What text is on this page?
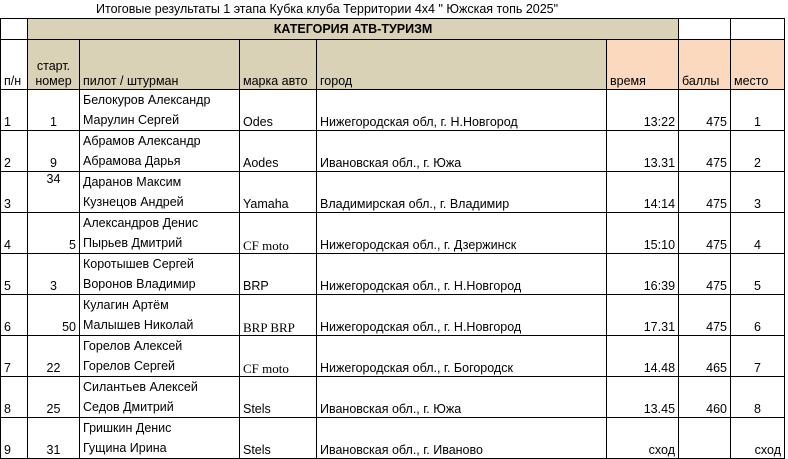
Итоговые результаты 1 этапа Кубка клуба Территории 4х4 " Южская топь 2025"
	КАТЕГОРИЯ АТВ-ТУРИЗМ						
п/н	старт.
номер	пилот / штурман	марка авто	город	время	баллы	место
1	1	Белокуров Александр
Марулин Сергей	Odes	Нижегородская обл, г. Н.Новгород	13:22	475	1
2	9	Абрамов Александр
Абрамова Дарья	Aodes	Ивановская обл., г. Южа	13.31	475	2
3	34	Даранов Максим
Кузнецов Андрей	Yamaha	Владимирская обл., г. Владимир	14:14	475	3
4	5	Александров Денис
Пырьев Дмитрий	CF moto	Нижегородская обл., г. Дзержинск	15:10	475	4
5	3	Коротышев Сергей
Воронов Владимир	BRP	Нижегородская обл., г. Н.Новгород	16:39	475	5
6	50	Кулагин Артём
Малышев Николай	BRP BRP	Нижегородская обл., г. Н.Новгород	17.31	475	6
7	22	Горелов Алексей
Горелов Сергей	CF moto	Нижегородская обл., г. Богородск	14.48	465	7
8	25	Силантьев Алексей
Седов Дмитрий	Stels	Ивановская обл., г. Южа	13.45	460	8
9	31	Гришкин Денис
Гущина Ирина	Stels	Ивановская обл., г. Иваново	сход		сход
